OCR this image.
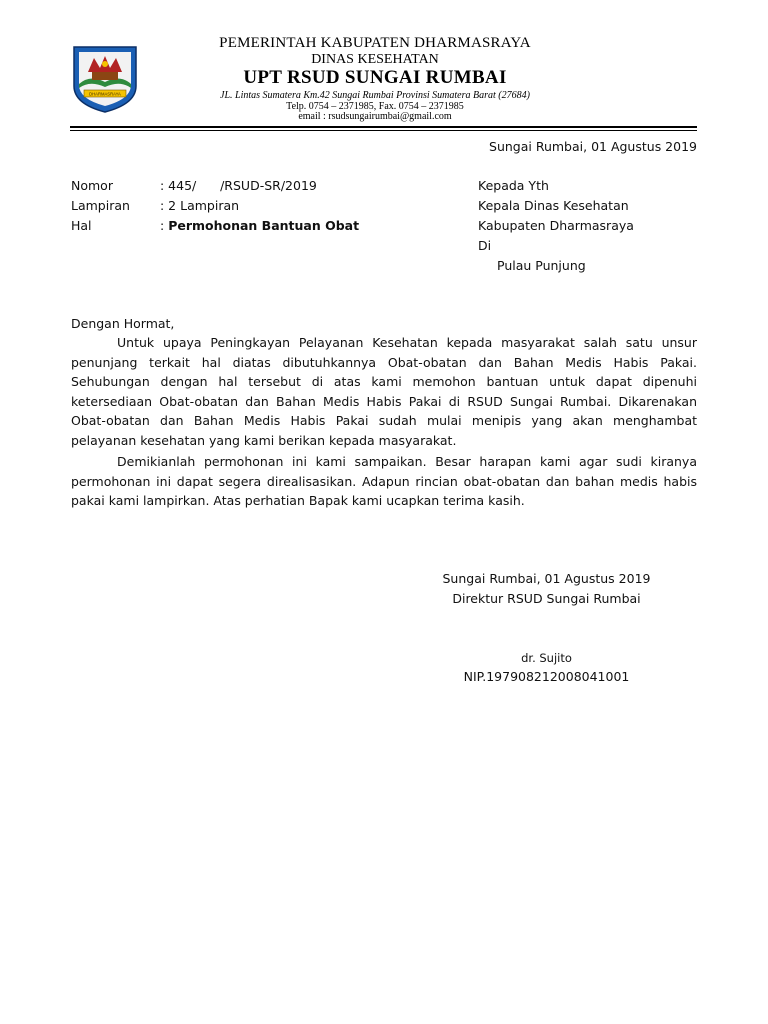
DHARMASRAYA
PEMERINTAH KABUPATEN DHARMASRAYA
DINAS KESEHATAN
UPT RSUD SUNGAI RUMBAI
JL. Lintas Sumatera Km.42 Sungai Rumbai Provinsi Sumatera Barat (27684)
Telp. 0754 – 2371985, Fax. 0754 – 2371985
email : rsudsungairumbai@gmail.com
Sungai Rumbai, 01 Agustus 2019
Nomor	: 445/      /RSUD-SR/2019
Lampiran : 2 Lampiran
Hal	: Permohonan Bantuan Obat
Kepada Yth
Kepala Dinas Kesehatan
Kabupaten Dharmasraya
Di
Pulau Punjung
Dengan Hormat,

Untuk upaya Peningkayan Pelayanan Kesehatan kepada masyarakat salah satu unsur penunjang terkait hal diatas dibutuhkannya Obat-obatan dan Bahan Medis Habis Pakai. Sehubungan dengan hal tersebut di atas kami memohon bantuan untuk dapat dipenuhi ketersediaan Obat-obatan dan Bahan Medis Habis Pakai di RSUD Sungai Rumbai. Dikarenakan Obat-obatan dan Bahan Medis Habis Pakai sudah mulai menipis yang akan menghambat pelayanan kesehatan yang kami berikan kepada masyarakat.

Demikianlah permohonan ini kami sampaikan. Besar harapan kami agar sudi kiranya permohonan ini dapat segera direalisasikan. Adapun rincian obat-obatan dan bahan medis habis pakai kami lampirkan. Atas perhatian Bapak kami ucapkan terima kasih.

Sungai Rumbai, 01 Agustus 2019
Direktur RSUD Sungai Rumbai
dr. Sujito
NIP.197908212008041001
